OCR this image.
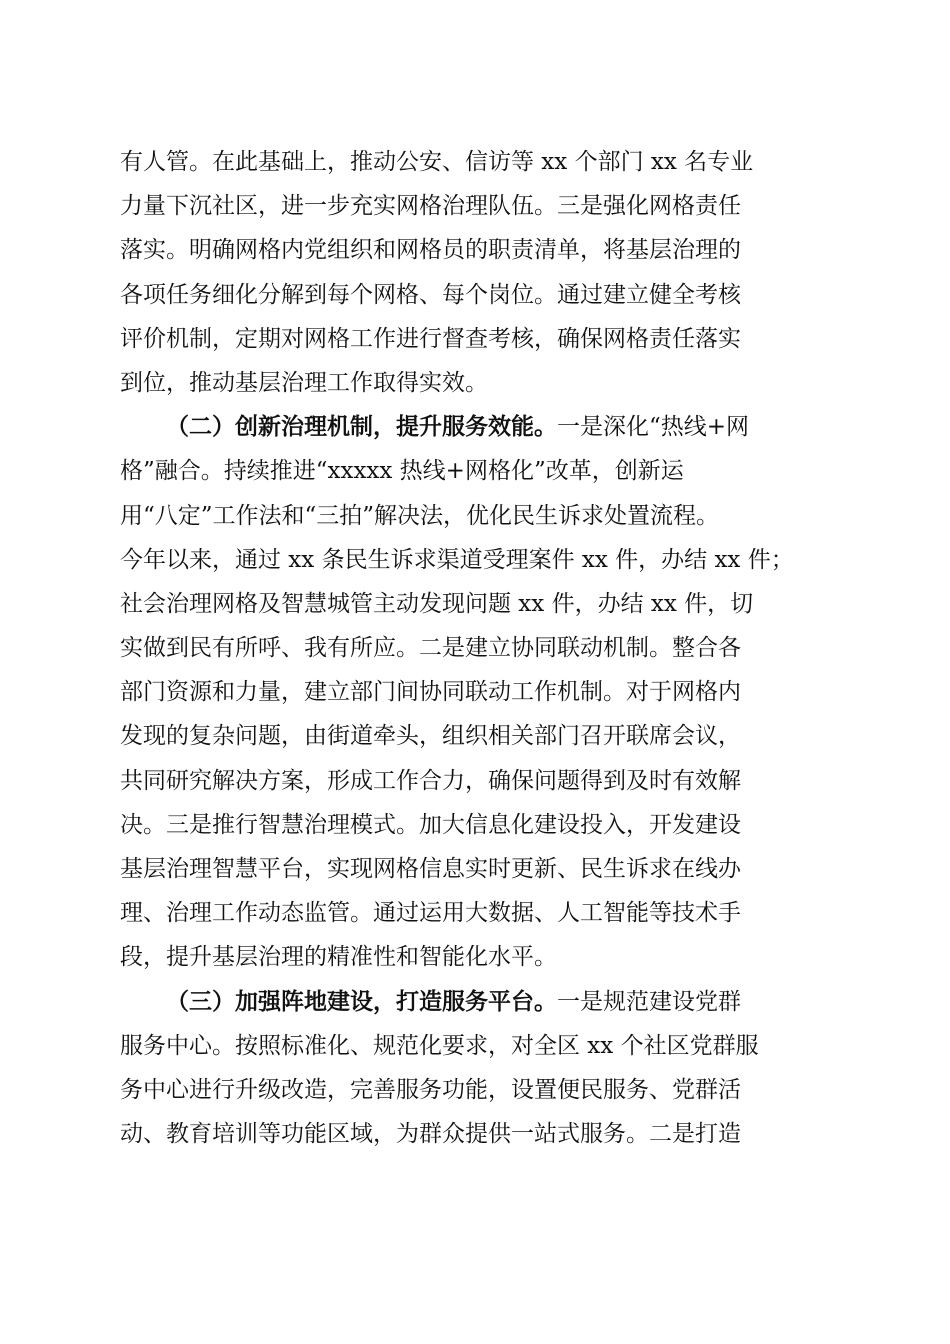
有人管。在此基础上，推动公安、信访等 xx 个部门 xx 名专业
力量下沉社区，进一步充实网格治理队伍。三是强化网格责任
落实。明确网格内党组织和网格员的职责清单，将基层治理的
各项任务细化分解到每个网格、每个岗位。通过建立健全考核
评价机制，定期对网格工作进行督查考核，确保网格责任落实
到位，推动基层治理工作取得实效。
（二）创新治理机制，提升服务效能。一是深化“热线+网
格”融合。持续推进“xxxxx 热线+网格化”改革，创新运
用“八定”工作法和“三拍”解决法，优化民生诉求处置流程。
今年以来，通过 xx 条民生诉求渠道受理案件 xx 件，办结 xx 件；
社会治理网格及智慧城管主动发现问题 xx 件，办结 xx 件，切
实做到民有所呼、我有所应。二是建立协同联动机制。整合各
部门资源和力量，建立部门间协同联动工作机制。对于网格内
发现的复杂问题，由街道牵头，组织相关部门召开联席会议，
共同研究解决方案，形成工作合力，确保问题得到及时有效解
决。三是推行智慧治理模式。加大信息化建设投入，开发建设
基层治理智慧平台，实现网格信息实时更新、民生诉求在线办
理、治理工作动态监管。通过运用大数据、人工智能等技术手
段，提升基层治理的精准性和智能化水平。
（三）加强阵地建设，打造服务平台。一是规范建设党群
服务中心。按照标准化、规范化要求，对全区 xx 个社区党群服
务中心进行升级改造，完善服务功能，设置便民服务、党群活
动、教育培训等功能区域，为群众提供一站式服务。二是打造
